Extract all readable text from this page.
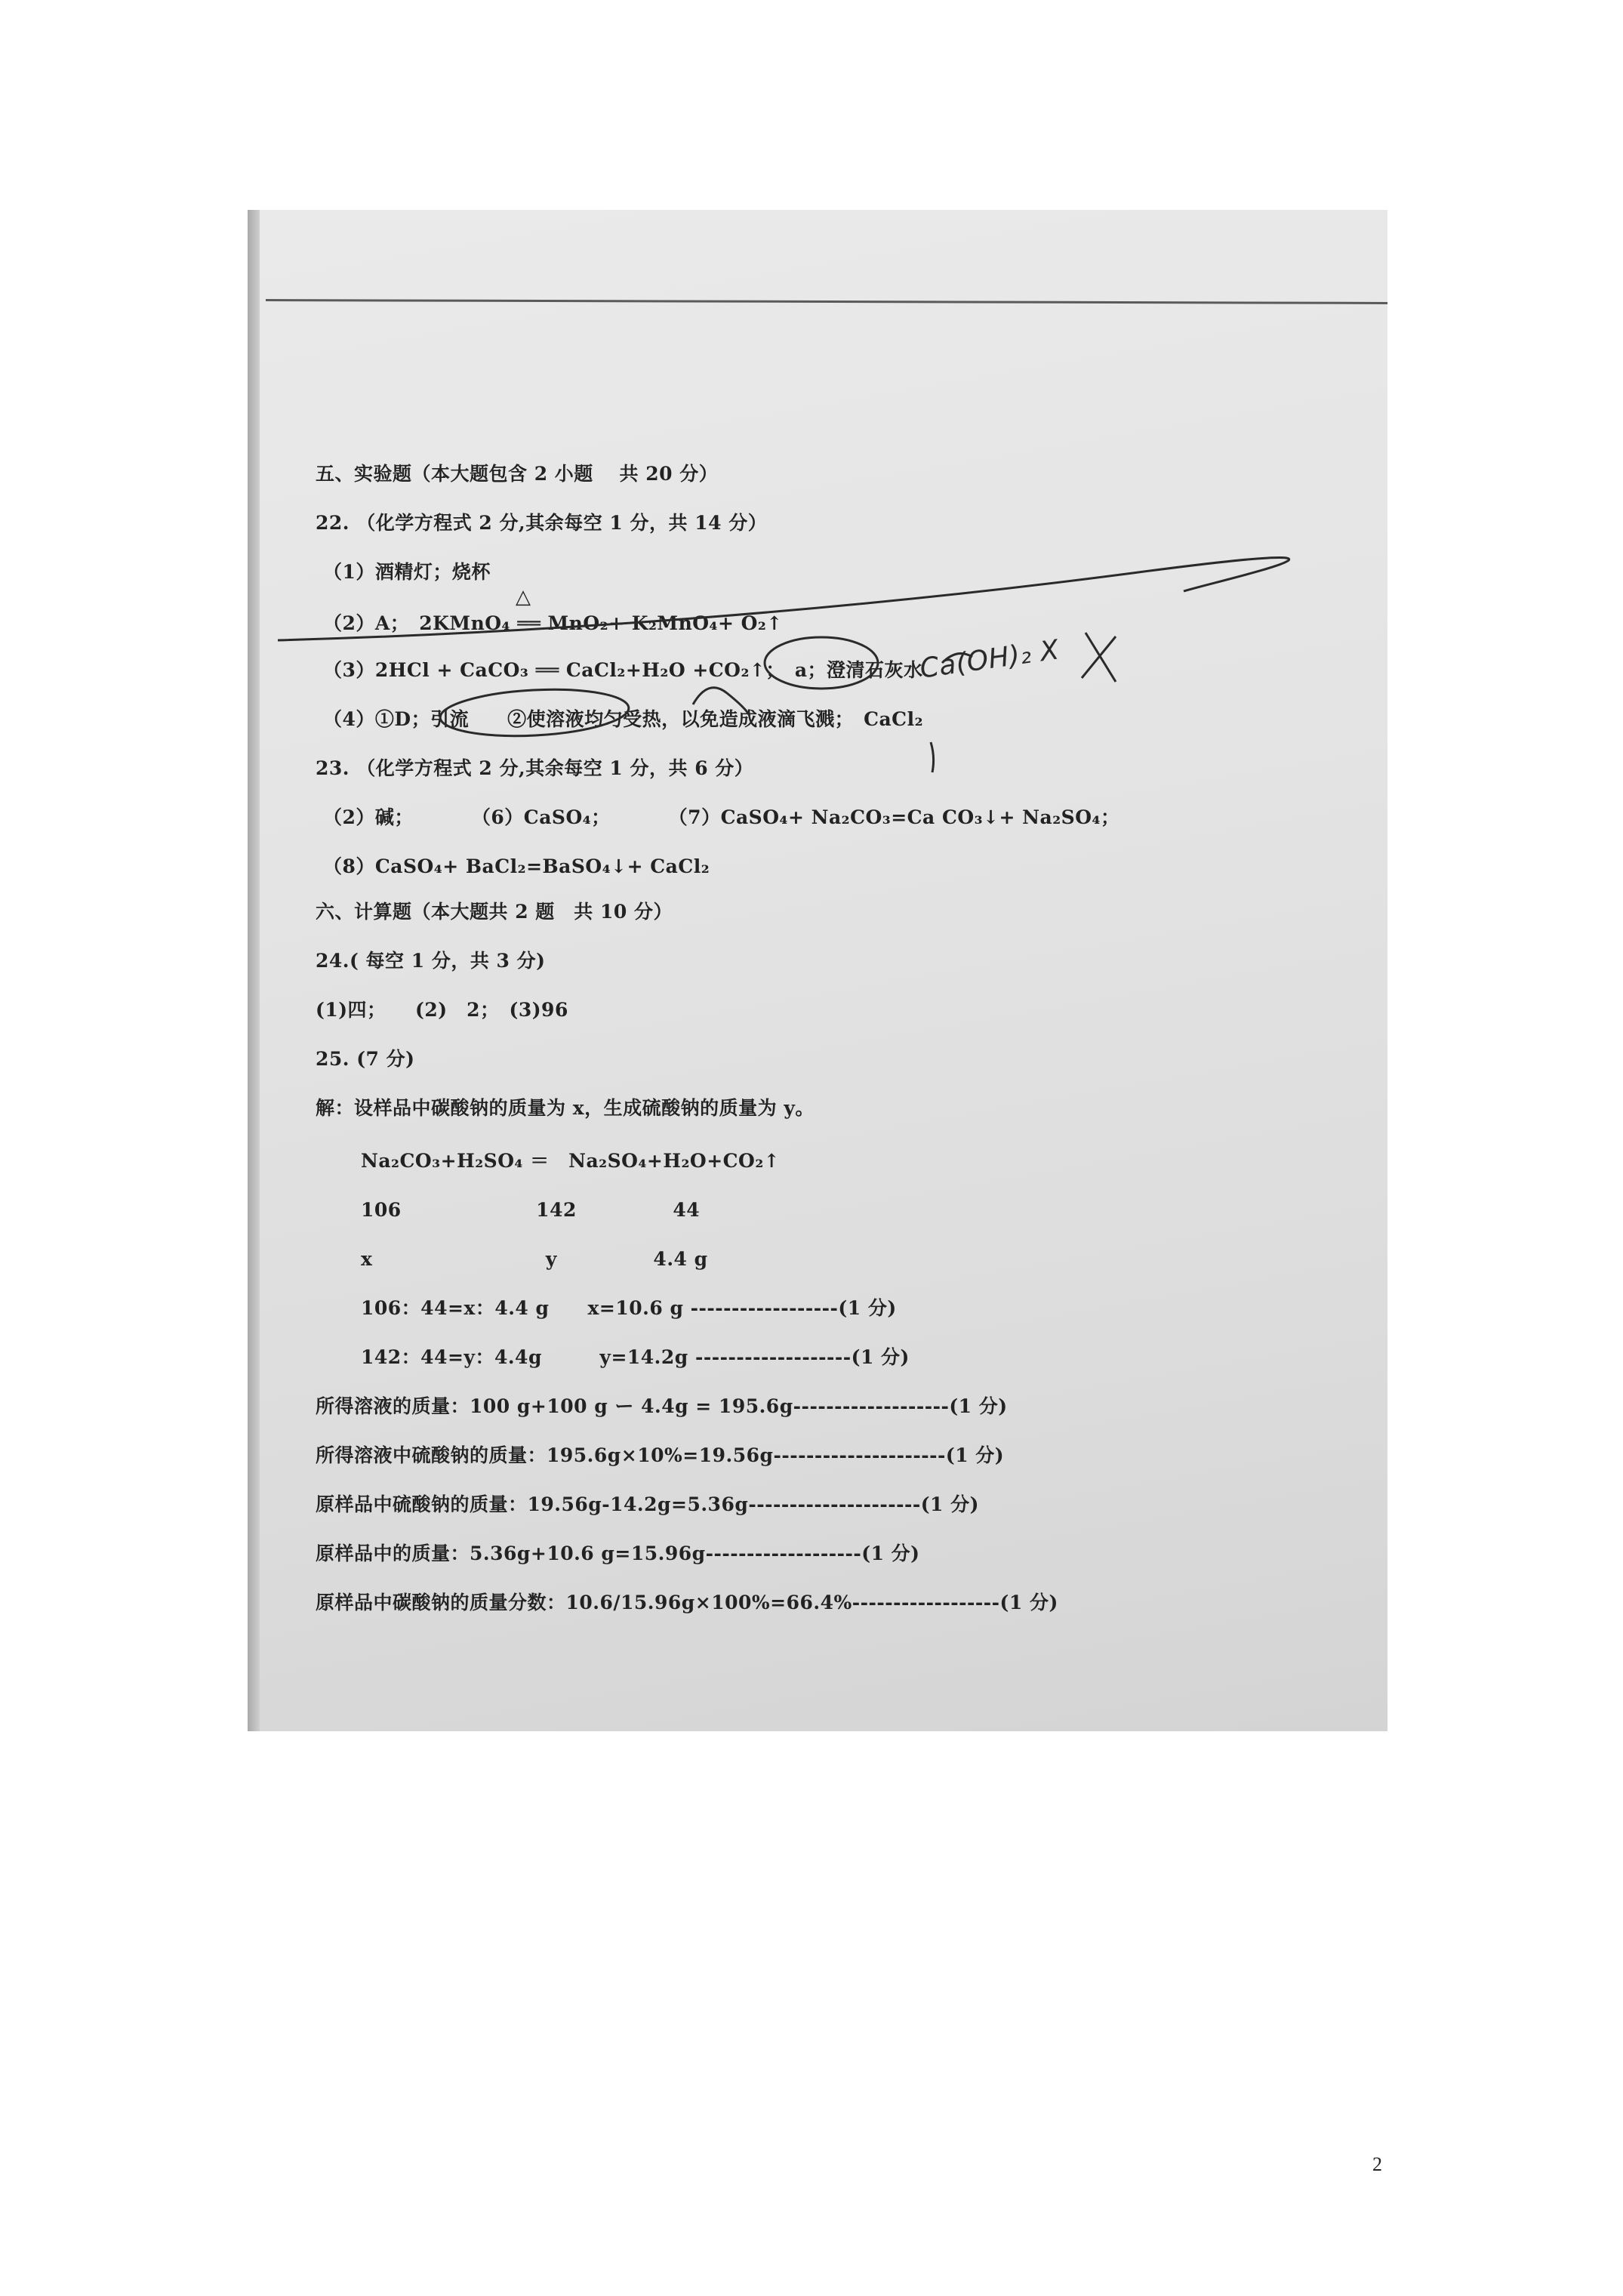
五、实验题（本大题包含 2 小题　 共 20 分）
22. （化学方程式 2 分,其余每空 1 分，共 14 分）
（1）酒精灯；烧杯
（2）A；　2KMnO₄ ══ MnO₂+ K₂MnO₄+ O₂↑
△
（3）2HCl + CaCO₃ ══ CaCl₂+H₂O +CO₂↑；　a；澄清石灰水
（4）①D；引流　　②使溶液均匀受热，以免造成液滴飞溅；　CaCl₂
23. （化学方程式 2 分,其余每空 1 分，共 6 分）
（2）碱；　　　　（6）CaSO₄；　　　　（7）CaSO₄+ Na₂CO₃=Ca CO₃↓+ Na₂SO₄；
（8）CaSO₄+ BaCl₂=BaSO₄↓+ CaCl₂
六、计算题（本大题共 2 题　共 10 分）
24.( 每空 1 分，共 3 分)
(1)四；　　(2)　2；　(3)96
25. (7 分)
解：设样品中碳酸钠的质量为 x，生成硫酸钠的质量为 y。
Na₂CO₃+H₂SO₄ ＝　Na₂SO₄+H₂O+CO₂↑
106　　　　　　　142　　　　　44
x　　　　　　　　　y　　　　　4.4 g
106：44=x：4.4 g　　x=10.6 g ------------------(1 分)
142：44=y：4.4g　　　y=14.2g -------------------(1 分)
所得溶液的质量：100 g+100 g ー 4.4g = 195.6g-------------------(1 分)
所得溶液中硫酸钠的质量：195.6g×10%=19.56g---------------------(1 分)
原样品中硫酸钠的质量：19.56g-14.2g=5.36g---------------------(1 分)
原样品中的质量：5.36g+10.6 g=15.96g-------------------(1 分)
原样品中碳酸钠的质量分数：10.6/15.96g×100%=66.4%------------------(1 分)
Ca(OH)₂ X
2
